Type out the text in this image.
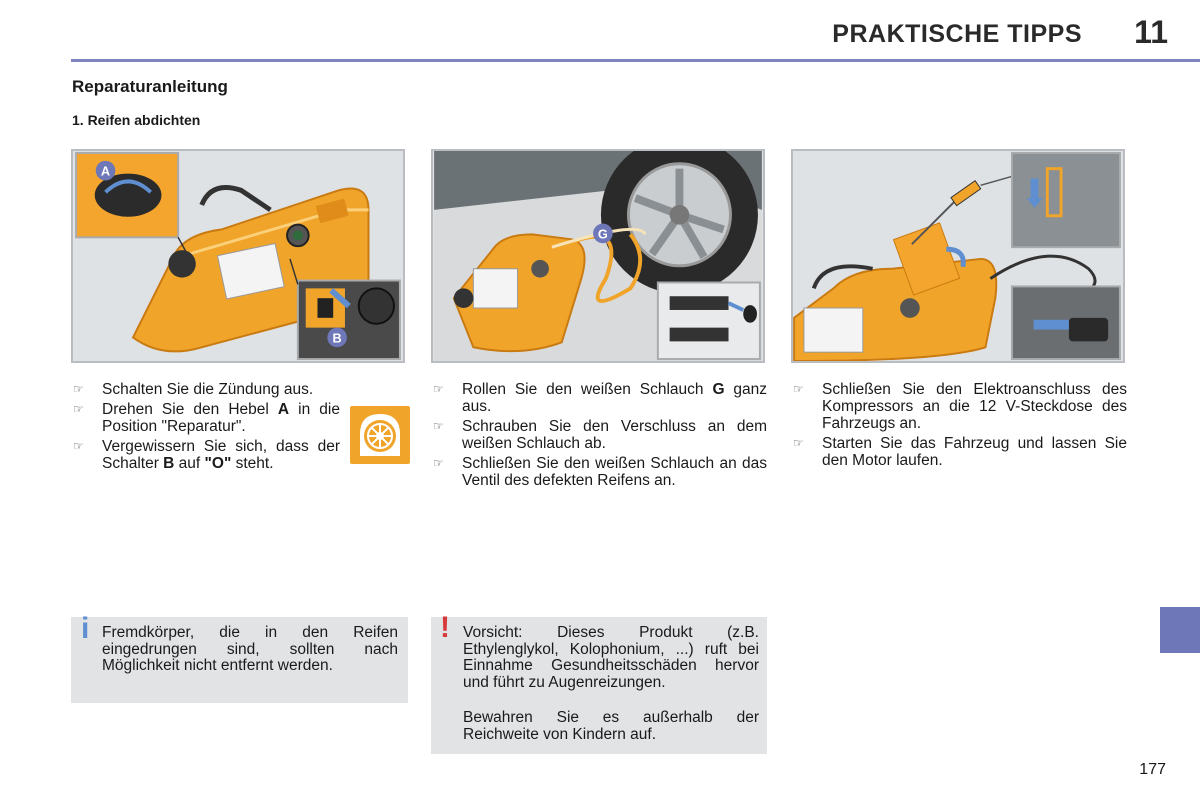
PRAKTISCHE TIPPS 11
Reparaturanleitung
1. Reifen abdichten
A
B
G
☞ Schalten Sie die Zündung aus.
☞ Drehen Sie den Hebel A in die Position "Reparatur".
☞ Vergewissern Sie sich, dass der Schalter B auf "O" steht.
☞ Rollen Sie den weißen Schlauch G ganz aus.
☞ Schrauben Sie den Verschluss an dem weißen Schlauch ab.
☞ Schließen Sie den weißen Schlauch an das Ventil des defekten Reifens an.
☞ Schließen Sie den Elektroanschluss des Kompressors an die 12 V-Steckdose des Fahrzeugs an.
☞ Starten Sie das Fahrzeug und lassen Sie den Motor laufen.
i Fremdkörper, die in den Reifen eingedrungen sind, sollten nach Möglichkeit nicht entfernt werden.

! Vorsicht: Dieses Produkt (z.B. Ethylenglykol, Kolophonium, ...) ruft bei Einnahme Gesundheitsschäden hervor und führt zu Augenreizungen.

Bewahren Sie es außerhalb der Reichweite von Kindern auf.

177
